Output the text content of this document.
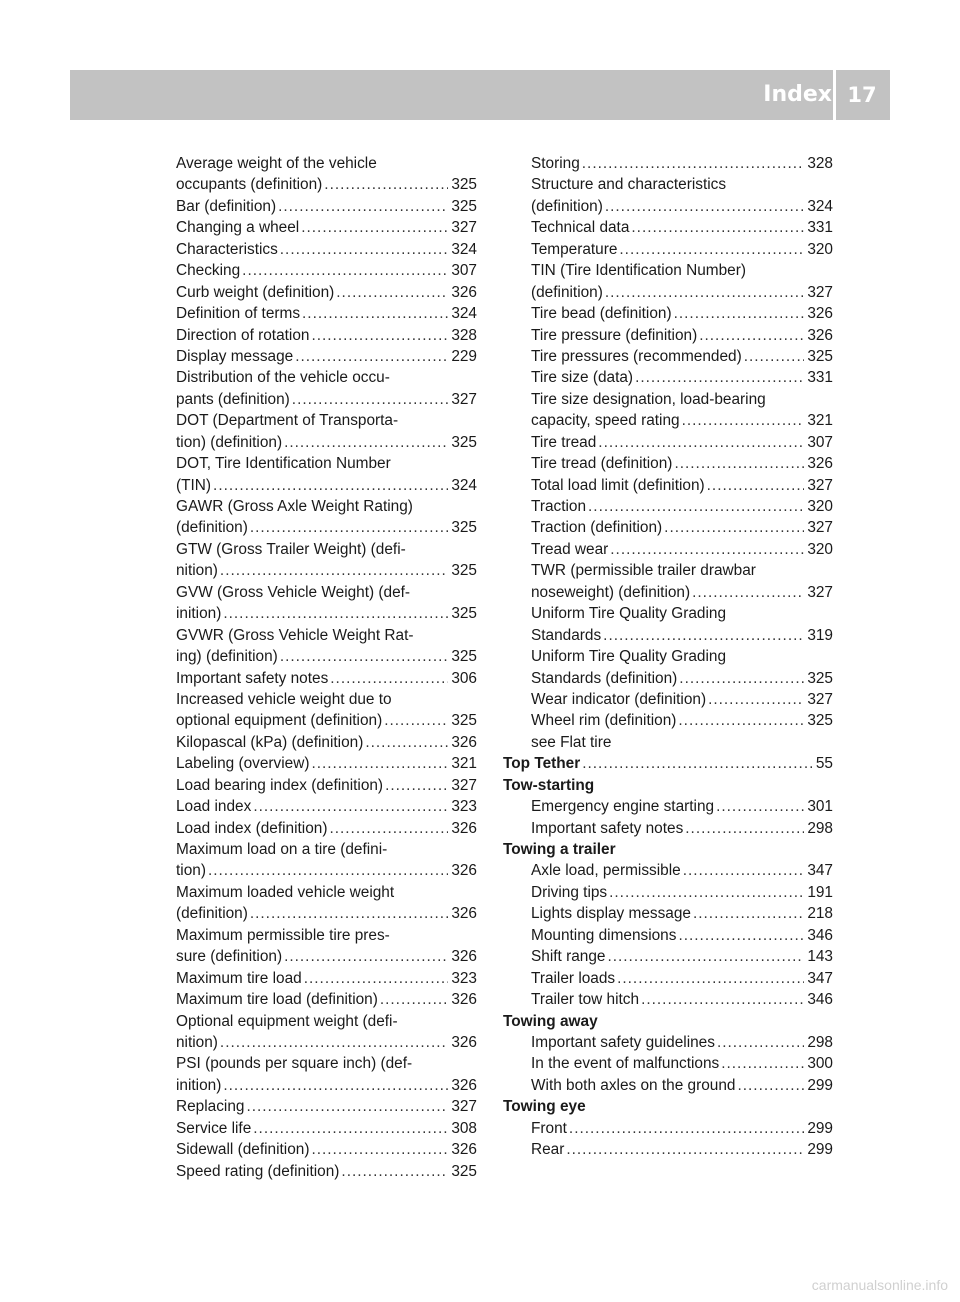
Index 17
Average weight of the vehicle
occupants (definition) .....	325
Bar (definition) .....	325
Changing a wheel .....	327
Characteristics .....	324
Checking .....	307
Curb weight (definition) .....	326
Definition of terms .....	324
Direction of rotation .....	328
Display message .....	229
Distribution of the vehicle occu-
pants (definition) .....	327
DOT (Department of Transporta-
tion) (definition) .....	325
DOT, Tire Identification Number
(TIN) .....	324
GAWR (Gross Axle Weight Rating)
(definition) .....	325
GTW (Gross Trailer Weight) (defi-
nition) .....	325
GVW (Gross Vehicle Weight) (def-
inition) .....	325
GVWR (Gross Vehicle Weight Rat-
ing) (definition) .....	325
Important safety notes .....	306
Increased vehicle weight due to
optional equipment (definition) .....	325
Kilopascal (kPa) (definition) .....	326
Labeling (overview) .....	321
Load bearing index (definition) .....	327
Load index .....	323
Load index (definition) .....	326
Maximum load on a tire (defini-
tion) .....	326
Maximum loaded vehicle weight
(definition) .....	326
Maximum permissible tire pres-
sure (definition) .....	326
Maximum tire load .....	323
Maximum tire load (definition) .....	326
Optional equipment weight (defi-
nition) .....	326
PSI (pounds per square inch) (def-
inition) .....	326
Replacing .....	327
Service life .....	308
Sidewall (definition) .....	326
Speed rating (definition) .....	325
Storing .....	328
Structure and characteristics
(definition) .....	324
Technical data .....	331
Temperature .....	320
TIN (Tire Identification Number)
(definition) .....	327
Tire bead (definition) .....	326
Tire pressure (definition) .....	326
Tire pressures (recommended) .....	325
Tire size (data) .....	331
Tire size designation, load-bearing
capacity, speed rating .....	321
Tire tread .....	307
Tire tread (definition) .....	326
Total load limit (definition) .....	327
Traction .....	320
Traction (definition) .....	327
Tread wear .....	320
TWR (permissible trailer drawbar
noseweight) (definition) .....	327
Uniform Tire Quality Grading
Standards .....	319
Uniform Tire Quality Grading
Standards (definition) .....	325
Wear indicator (definition) .....	327
Wheel rim (definition) .....	325
see Flat tire
Top Tether .....	55
Tow-starting
Emergency engine starting .....	301
Important safety notes .....	298
Towing a trailer
Axle load, permissible .....	347
Driving tips .....	191
Lights display message .....	218
Mounting dimensions .....	346
Shift range .....	143
Trailer loads .....	347
Trailer tow hitch .....	346
Towing away
Important safety guidelines .....	298
In the event of malfunctions .....	300
With both axles on the ground .....	299
Towing eye
Front .....	299
Rear .....	299
carmanualsonline.info
